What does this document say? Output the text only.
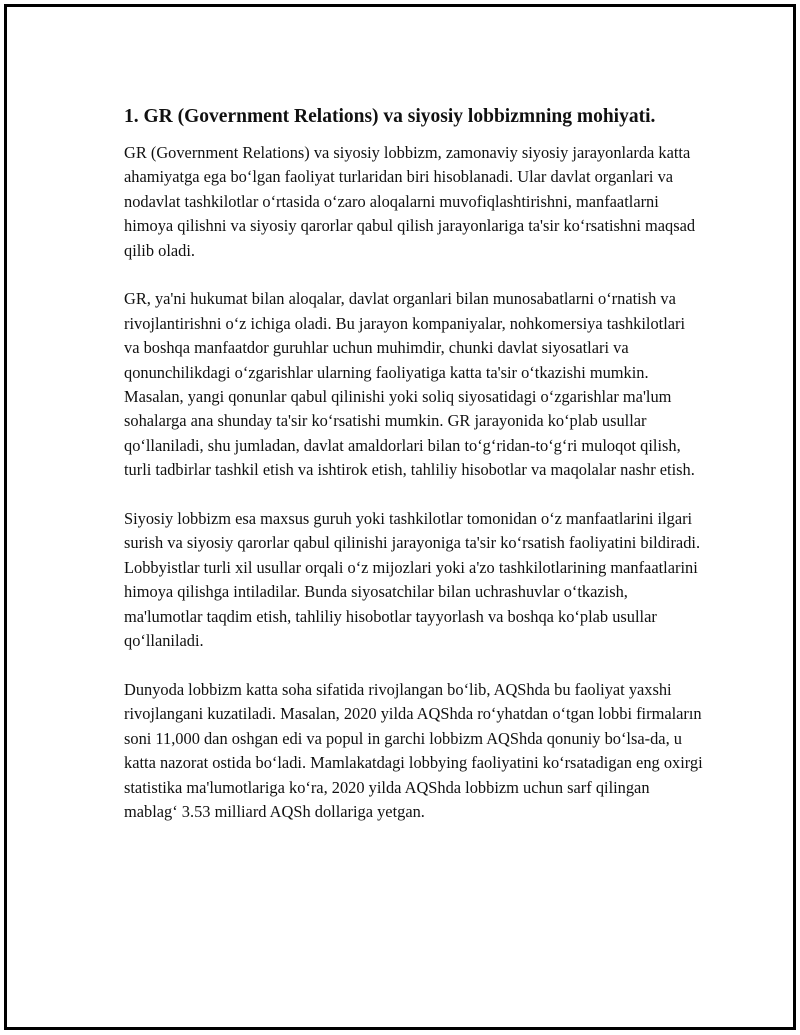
1. GR (Government Relations) va siyosiy lobbizmning mohiyati.

GR (Government Relations) va siyosiy lobbizm, zamonaviy siyosiy jarayonlarda katta ahamiyatga ega bo‘lgan faoliyat turlaridan biri hisoblanadi. Ular davlat organlari va nodavlat tashkilotlar o‘rtasida o‘zaro aloqalarni muvofiqlashtirishni, manfaatlarni himoya qilishni va siyosiy qarorlar qabul qilish jarayonlariga ta'sir ko‘rsatishni maqsad qilib oladi.

GR, ya'ni hukumat bilan aloqalar, davlat organlari bilan munosabatlarni o‘rnatish va rivojlantirishni o‘z ichiga oladi. Bu jarayon kompaniyalar, nohkomersiya tashkilotlari va boshqa manfaatdor guruhlar uchun muhimdir, chunki davlat siyosatlari va qonunchilikdagi o‘zgarishlar ularning faoliyatiga katta ta'sir o‘tkazishi mumkin. Masalan, yangi qonunlar qabul qilinishi yoki soliq siyosatidagi o‘zgarishlar ma'lum sohalarga ana shunday ta'sir ko‘rsatishi mumkin. GR jarayonida ko‘plab usullar qo‘llaniladi, shu jumladan, davlat amaldorlari bilan to‘g‘ridan-to‘g‘ri muloqot qilish, turli tadbirlar tashkil etish va ishtirok etish, tahliliy hisobotlar va maqolalar nashr etish.

Siyosiy lobbizm esa maxsus guruh yoki tashkilotlar tomonidan o‘z manfaatlarini ilgari surish va siyosiy qarorlar qabul qilinishi jarayoniga ta'sir ko‘rsatish faoliyatini bildiradi. Lobbyistlar turli xil usullar orqali o‘z mijozlari yoki a'zo tashkilotlarining manfaatlarini himoya qilishga intiladilar. Bunda siyosatchilar bilan uchrashuvlar o‘tkazish, ma'lumotlar taqdim etish, tahliliy hisobotlar tayyorlash va boshqa ko‘plab usullar qo‘llaniladi.

Dunyoda lobbizm katta soha sifatida rivojlangan bo‘lib, AQShda bu faoliyat yaxshi rivojlangani kuzatiladi. Masalan, 2020 yilda AQShda ro‘yhatdan o‘tgan lobbi firmaların soni 11,000 dan oshgan edi va popul in garchi lobbizm AQShda qonuniy bo‘lsa-da, u katta nazorat ostida bo‘ladi. Mamlakatdagi lobbying faoliyatini ko‘rsatadigan eng oxirgi statistika ma'lumotlariga ko‘ra, 2020 yilda AQShda lobbizm uchun sarf qilingan mablag‘ 3.53 milliard AQSh dollariga yetgan.
